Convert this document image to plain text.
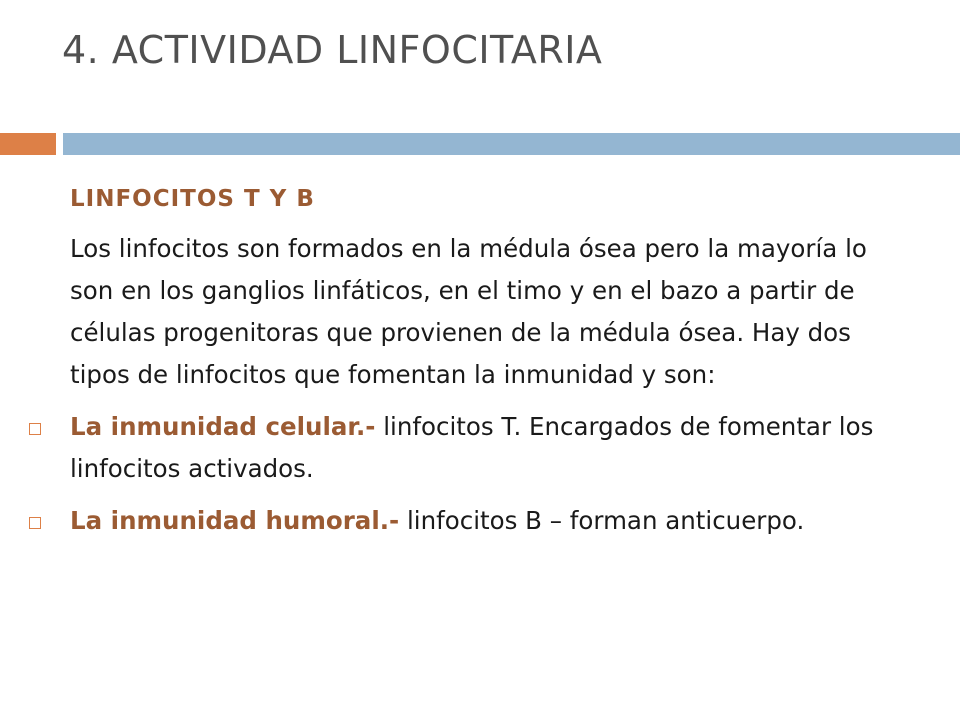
4. ACTIVIDAD LINFOCITARIA
LINFOCITOS T Y B
Los linfocitos son formados en la médula ósea pero la mayoría lo son en los ganglios linfáticos, en el timo y en el bazo a partir de células progenitoras que provienen de la médula ósea. Hay dos tipos de linfocitos que fomentan la inmunidad y son:
La inmunidad celular.- linfocitos T. Encargados de fomentar los linfocitos activados.
La inmunidad humoral.- linfocitos B – forman anticuerpo.
